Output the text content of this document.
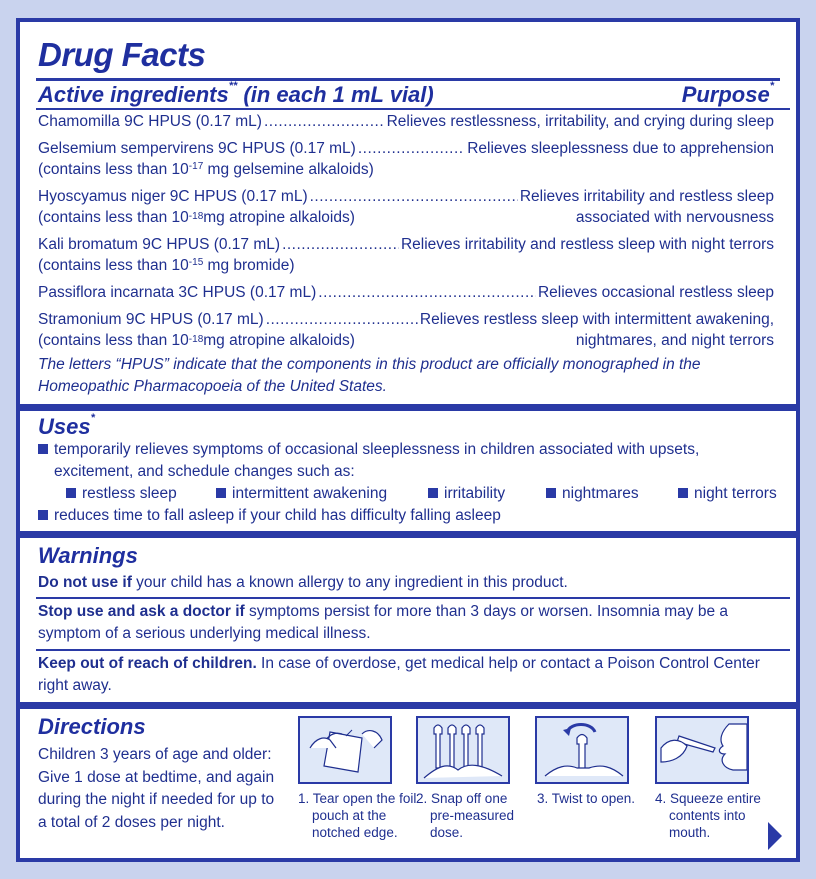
Drug Facts
Active ingredients** (in each 1 mL vial)	Purpose*
Chamomilla 9C HPUS (0.17 mL) .....	Relieves restlessness, irritability, and crying during sleep
Gelsemium sempervirens 9C HPUS (0.17 mL) .....	Relieves sleeplessness due to apprehension
(contains less than $10^{-17}$ mg gelsemine alkaloids)
Hyoscyamus niger 9C HPUS (0.17 mL) .....	Relieves irritability and restless sleep
(contains less than 10 -18 mg atropine alkaloids)	associated with nervousness
Kali bromatum 9C HPUS (0.17 mL) .....	Relieves irritability and restless sleep with night terrors
(contains less than $10^{-15}$ mg bromide)
Passiflora incarnata 3C HPUS (0.17 mL) .....	Relieves occasional restless sleep
Stramonium 9C HPUS (0.17 mL) .....	Relieves restless sleep with intermittent awakening,
(contains less than 10 -18 mg atropine alkaloids)	nightmares, and night terrors
The letters “HPUS” indicate that the components in this product are officially monographed in the
Homeopathic Pharmacopoeia of the United States.
Uses*
temporarily relieves symptoms of occasional sleeplessness in children associated with upsets,
excitement, and schedule changes such as:
restless sleep	intermittent awakening	irritability	nightmares	night terrors
reduces time to fall asleep if your child has difficulty falling asleep
Warnings
Do not use if your child has a known allergy to any ingredient in this product.
Stop use and ask a doctor if symptoms persist for more than 3 days or worsen. Insomnia may be a
symptom of a serious underlying medical illness.
Keep out of reach of children. In case of overdose, get medical help or contact a Poison Control Center
right away.
Directions
Children 3 years of age and older:
Give 1 dose at bedtime, and again
during the night if needed for up to
a total of 2 doses per night.
1. Tear open the foil
pouch at the
notched edge.
2. Snap off one
pre-measured
dose.
3. Twist to open.	4. Squeeze entire
contents into
mouth.
